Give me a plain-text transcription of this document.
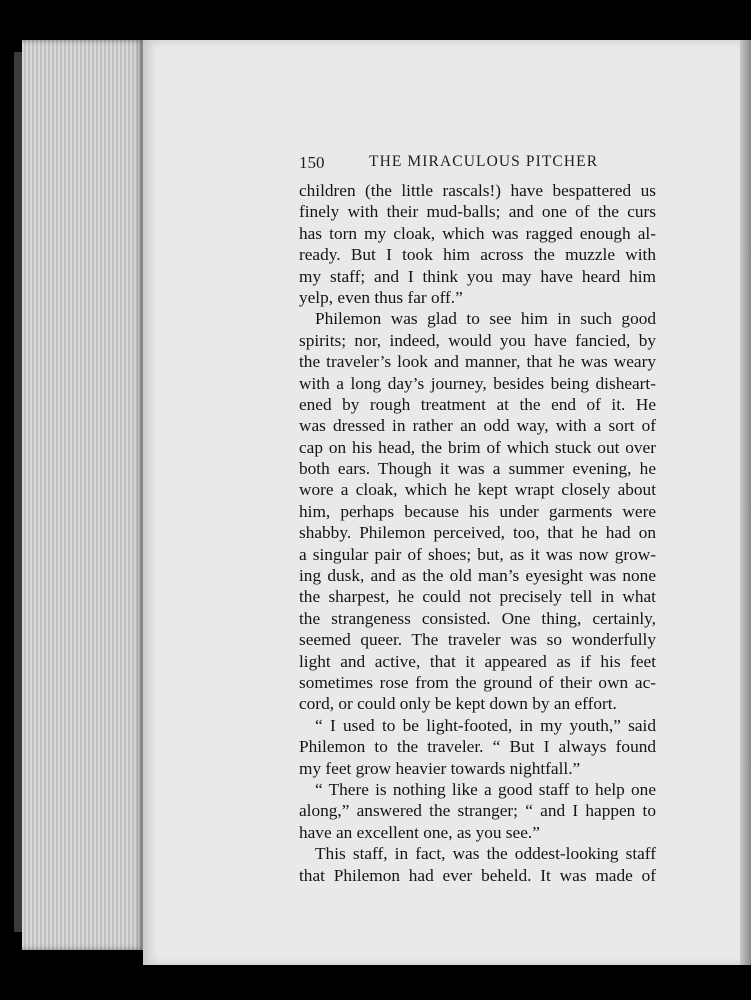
150	THE MIRACULOUS PITCHER
children (the little rascals!) have bespattered us
finely with their mud-balls; and one of the curs
has torn my cloak, which was ragged enough al-
ready. But I took him across the muzzle with
my staff; and I think you may have heard him
yelp, even thus far off.”
Philemon was glad to see him in such good
spirits; nor, indeed, would you have fancied, by
the traveler’s look and manner, that he was weary
with a long day’s journey, besides being disheart-
ened by rough treatment at the end of it. He
was dressed in rather an odd way, with a sort of
cap on his head, the brim of which stuck out over
both ears. Though it was a summer evening, he
wore a cloak, which he kept wrapt closely about
him, perhaps because his under garments were
shabby. Philemon perceived, too, that he had on
a singular pair of shoes; but, as it was now grow-
ing dusk, and as the old man’s eyesight was none
the sharpest, he could not precisely tell in what
the strangeness consisted. One thing, certainly,
seemed queer. The traveler was so wonderfully
light and active, that it appeared as if his feet
sometimes rose from the ground of their own ac-
cord, or could only be kept down by an effort.
“ I used to be light-footed, in my youth,” said
Philemon to the traveler. “ But I always found
my feet grow heavier towards nightfall.”
“ There is nothing like a good staff to help one
along,” answered the stranger; “ and I happen to
have an excellent one, as you see.”
This staff, in fact, was the oddest-looking staff
that Philemon had ever beheld. It was made of
